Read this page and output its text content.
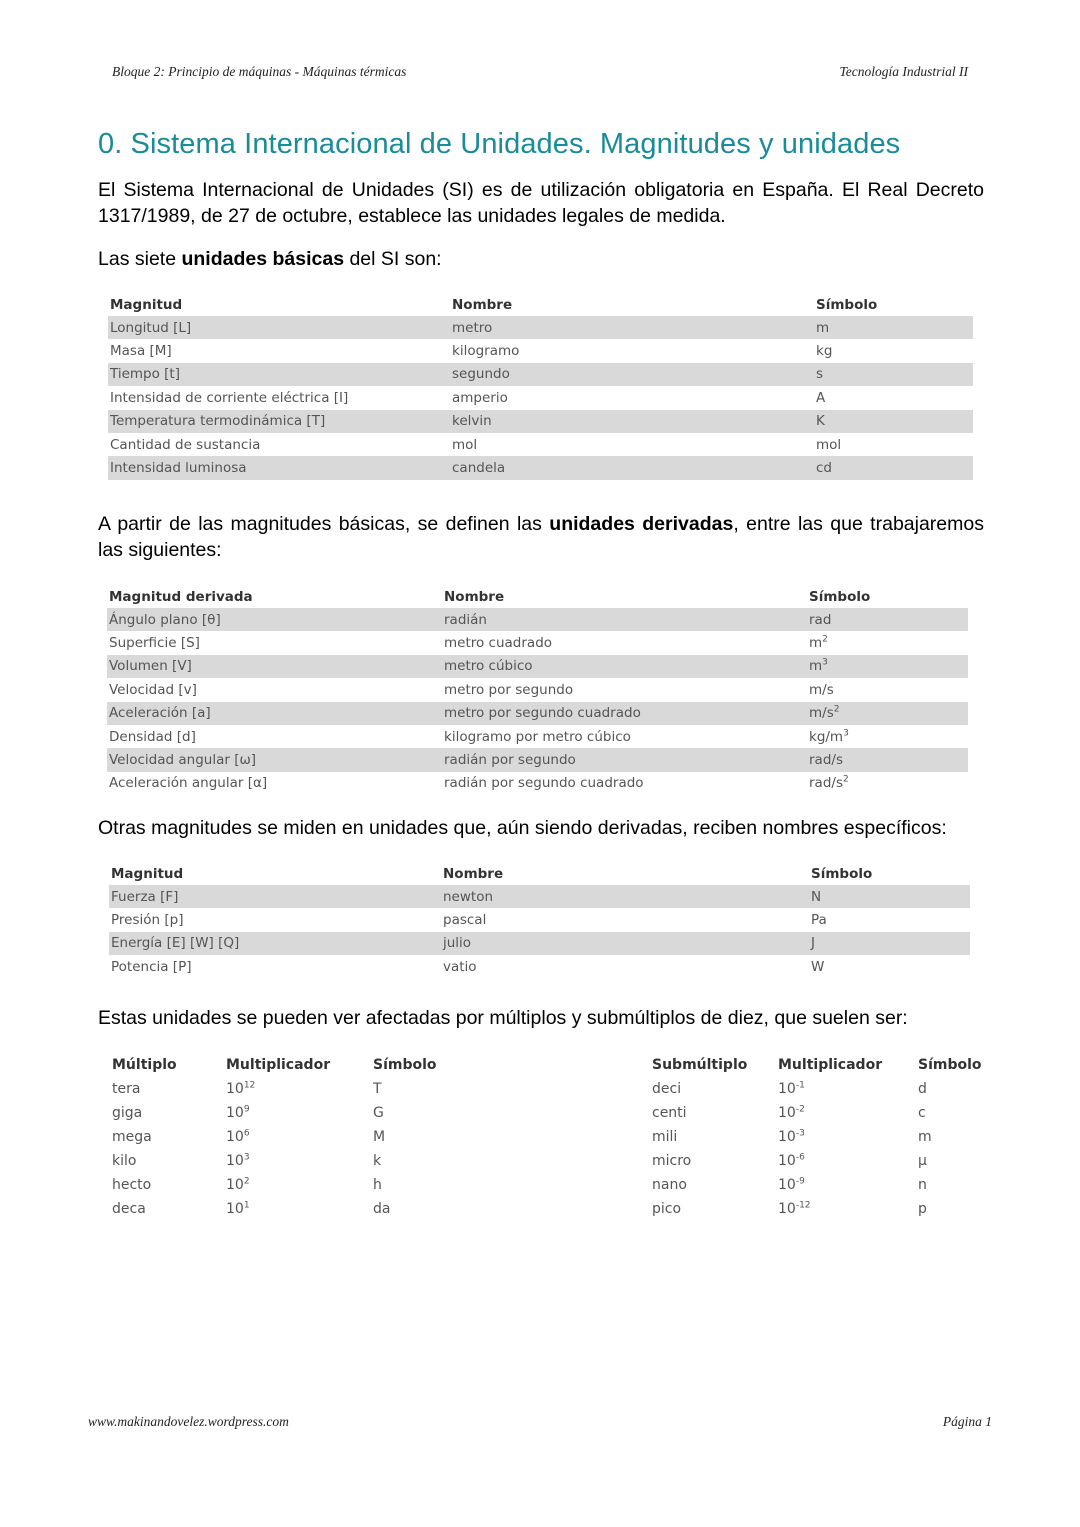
Bloque 2: Principio de máquinas - Máquinas térmicas	Tecnología Industrial II
0. Sistema Internacional de Unidades. Magnitudes y unidades

El Sistema Internacional de Unidades (SI) es de utilización obligatoria en España. El Real Decreto 1317/1989, de 27 de octubre, establece las unidades legales de medida.

Las siete unidades básicas del SI son:

Magnitud	Nombre	Símbolo
Longitud [L]	metro	m
Masa [M]	kilogramo	kg
Tiempo [t]	segundo	s
Intensidad de corriente eléctrica [I]	amperio	A
Temperatura termodinámica [T]	kelvin	K
Cantidad de sustancia	mol	mol
Intensidad luminosa	candela	cd

A partir de las magnitudes básicas, se definen las unidades derivadas, entre las que trabajaremos las siguientes:

Magnitud derivada	Nombre	Símbolo
Ángulo plano [θ]	radián	rad
Superficie [S]	metro cuadrado	$m^2$
Volumen [V]	metro cúbico	$m^3$
Velocidad [v]	metro por segundo	m/s
Aceleración [a]	metro por segundo cuadrado	$m/s^2$
Densidad [d]	kilogramo por metro cúbico	$kg/m^3$
Velocidad angular [ω]	radián por segundo	rad/s
Aceleración angular [α]	radián por segundo cuadrado	rad/$s^2$

Otras magnitudes se miden en unidades que, aún siendo derivadas, reciben nombres específicos:

Magnitud	Nombre	Símbolo
Fuerza [F]	newton	N
Presión [p]	pascal	Pa
Energía [E] [W] [Q]	julio	J
Potencia [P]	vatio	W

Estas unidades se pueden ver afectadas por múltiplos y submúltiplos de diez, que suelen ser:

Múltiplo	Multiplicador	Símbolo
tera	$10^{12}$	T
giga	$10^9$	G
mega	$10^6$	M
kilo	$10^3$	k
hecto	$10^2$	h
deca	$10^1$	da
Submúltiplo	Multiplicador	Símbolo
deci	$10^{-1}$	d
centi	$10^{-2}$	c
mili	$10^{-3}$	m
micro	$10^{-6}$	μ
nano	$10^{-9}$	n
pico	$10^{-12}$	p
www.makinandovelez.wordpress.com	Página 1
